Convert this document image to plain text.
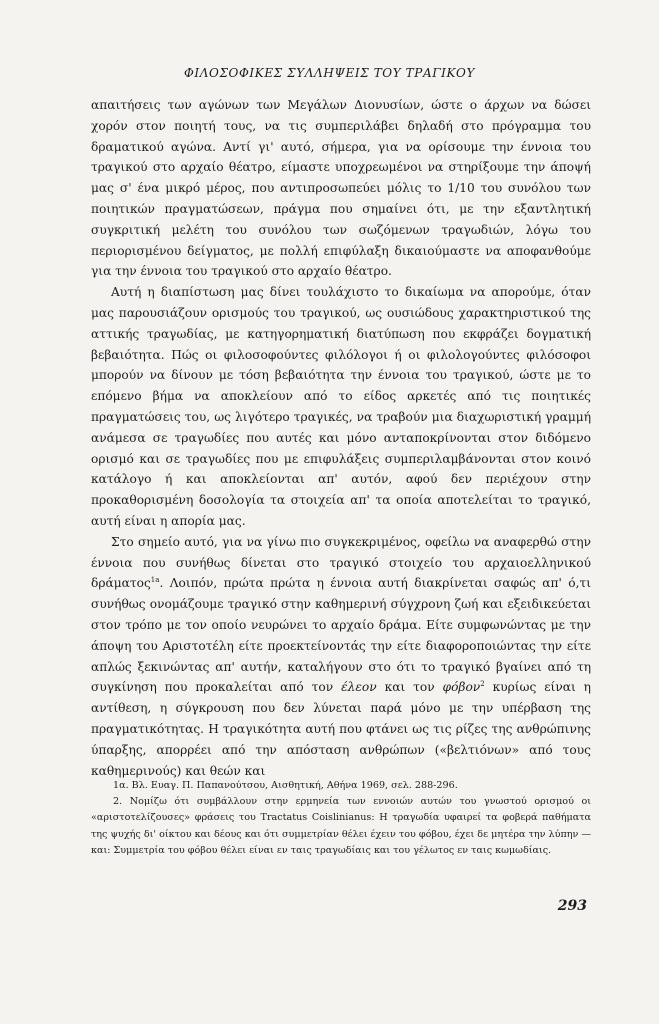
ΦΙΛΟΣΟΦΙΚΕΣ ΣΥΛΛΗΨΕΙΣ ΤΟΥ ΤΡΑΓΙΚΟΥ

απαιτήσεις των αγώνων των Μεγάλων Διονυσίων, ώστε ο άρχων να δώσει χορόν στον ποιητή τους, να τις συμπεριλάβει δηλαδή στο πρόγραμμα του δραματικού αγώνα. Αντί γι' αυτό, σήμερα, για να ορίσουμε την έννοια του τραγικού στο αρχαίο θέατρο, είμαστε υποχρεωμένοι να στηρίξουμε την άποψή μας σ' ένα μικρό μέρος, που αντιπροσωπεύει μόλις το 1/10 του συνόλου των ποιητικών πραγματώσεων, πράγμα που σημαίνει ότι, με την εξαντλητική συγκριτική μελέτη του συνόλου των σωζόμενων τραγωδιών, λόγω του περιορισμένου δείγματος, με πολλή επιφύλαξη δικαιούμαστε να αποφανθούμε για την έννοια του τραγικού στο αρχαίο θέατρο.

Αυτή η διαπίστωση μας δίνει τουλάχιστο το δικαίωμα να απορούμε, όταν μας παρουσιάζουν ορισμούς του τραγικού, ως ουσιώδους χαρακτηριστικού της αττικής τραγωδίας, με κατηγορηματική διατύπωση που εκφράζει δογματική βεβαιότητα. Πώς οι φιλοσοφούντες φιλόλογοι ή οι φιλολογούντες φιλόσοφοι μπορούν να δίνουν με τόση βεβαιότητα την έννοια του τραγικού, ώστε με το επόμενο βήμα να αποκλείουν από το είδος αρκετές από τις ποιητικές πραγματώσεις του, ως λιγότερο τραγικές, να τραβούν μια διαχωριστική γραμμή ανάμεσα σε τραγωδίες που αυτές και μόνο ανταποκρίνονται στον διδόμενο ορισμό και σε τραγωδίες που με επιφυλάξεις συμπεριλαμβάνονται στον κοινό κατάλογο ή και αποκλείονται απ' αυτόν, αφού δεν περιέχουν στην προκαθορισμένη δοσολογία τα στοιχεία απ' τα οποία αποτελείται το τραγικό, αυτή είναι η απορία μας.

Στο σημείο αυτό, για να γίνω πιο συγκεκριμένος, οφείλω να αναφερθώ στην έννοια που συνήθως δίνεται στο τραγικό στοιχείο του αρχαιοελληνικού δράματος$^{1a}$. Λοιπόν, πρώτα πρώτα η έννοια αυτή διακρίνεται σαφώς απ' ό,τι συνήθως ονομάζουμε τραγικό στην καθημερινή σύγχρονη ζωή και εξειδικεύεται στον τρόπο με τον οποίο νευρώνει το αρχαίο δράμα. Είτε συμφωνώντας με την άποψη του Αριστοτέλη είτε προεκτείνοντάς την είτε διαφοροποιώντας την είτε απλώς ξεκινώντας απ' αυτήν, καταλήγουν στο ότι το τραγικό βγαίνει από τη συγκίνηση που προκαλείται από τον έλεον και τον φόβον$^2$ κυρίως είναι η αντίθεση, η σύγκρουση που δεν λύνεται παρά μόνο με την υπέρβαση της πραγματικότητας. Η τραγικότητα αυτή που φτάνει ως τις ρίζες της ανθρώπινης ύπαρξης, απορρέει από την απόσταση ανθρώπων («βελτιόνων» από τους καθημερινούς) και θεών και

1α. Βλ. Ευαγ. Π. Παπανούτσου, Αισθητική, Αθήνα 1969, σελ. 288-296.

2. Νομίζω ότι συμβάλλουν στην ερμηνεία των εννοιών αυτών του γνωστού ορισμού οι «αριστοτελίζουσες» φράσεις του Tractatus Coislinianus: Η τραγωδία υφαιρεί τα φοβερά παθήματα της ψυχής δι' οίκτου και δέους και ότι συμμετρίαν θέλει έχειν του φόβου, έχει δε μητέρα την λύπην — και: Συμμετρία του φόβου θέλει είναι εν ταις τραγωδίαις και του γέλωτος εν ταις κωμωδίαις.

293
